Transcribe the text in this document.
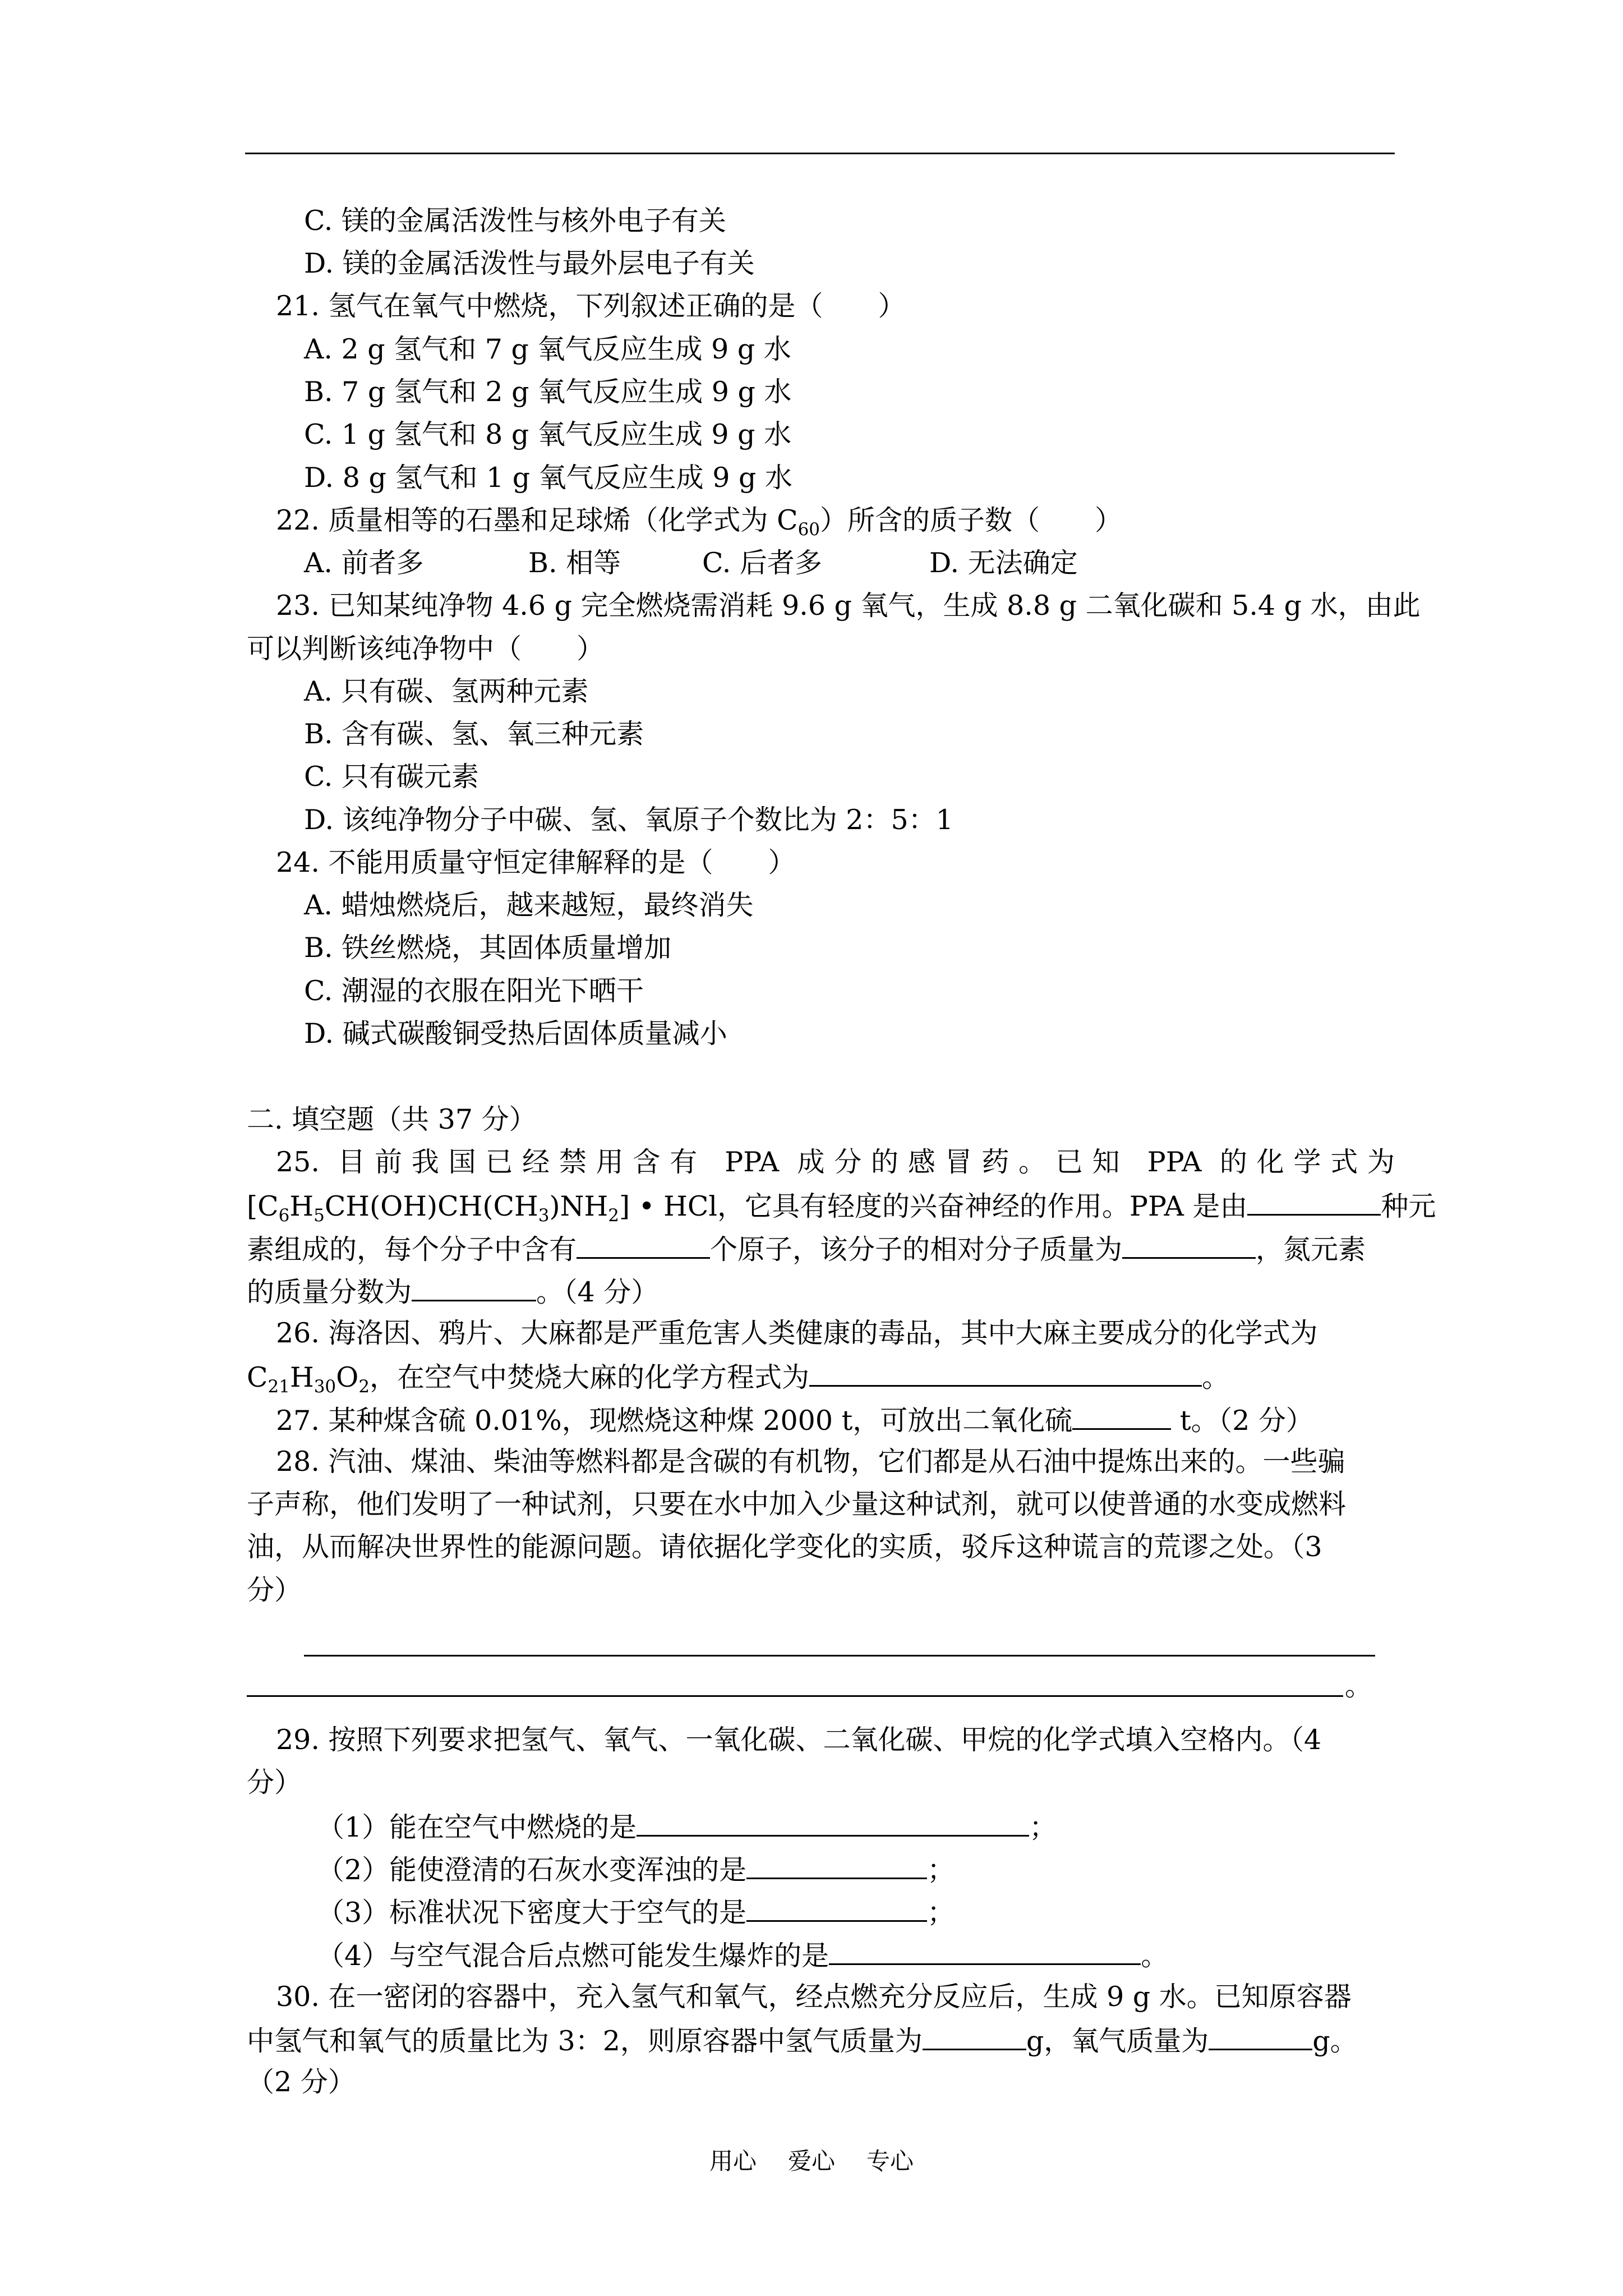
C. 镁的金属活泼性与核外电子有关
D. 镁的金属活泼性与最外层电子有关
21. 氢气在氧气中燃烧，下列叙述正确的是（　　）
A. 2 g 氢气和 7 g 氧气反应生成 9 g 水
B. 7 g 氢气和 2 g 氧气反应生成 9 g 水
C. 1 g 氢气和 8 g 氧气反应生成 9 g 水
D. 8 g 氢气和 1 g 氧气反应生成 9 g 水
22. 质量相等的石墨和足球烯（化学式为 $C_{60}$）所含的质子数（　　）
A. 前者多	B. 相等	C. 后者多	D. 无法确定
23. 已知某纯净物 4.6 g 完全燃烧需消耗 9.6 g 氧气，生成 8.8 g 二氧化碳和 5.4 g 水，由此
可以判断该纯净物中（　　）
A. 只有碳、氢两种元素
B. 含有碳、氢、氧三种元素
C. 只有碳元素
D. 该纯净物分子中碳、氢、氧原子个数比为 2：5：1
24. 不能用质量守恒定律解释的是（　　）
A. 蜡烛燃烧后，越来越短，最终消失
B. 铁丝燃烧，其固体质量增加
C. 潮湿的衣服在阳光下晒干
D. 碱式碳酸铜受热后固体质量减小
二. 填空题（共 37 分）
25. 目前我国已经禁用含有 PPA 成分的感冒药。已知 PPA 的化学式为
$[C_6H_5CH(OH)CH(CH_3)NH_2]$ • HCl，它具有轻度的兴奋神经的作用。PPA 是由	种元
素组成的，每个分子中含有	个原子，该分子的相对分子质量为	，氮元素
的质量分数为	。（4 分）
26. 海洛因、鸦片、大麻都是严重危害人类健康的毒品，其中大麻主要成分的化学式为
$C_{21}H_{30}O_2$，在空气中焚烧大麻的化学方程式为	。
27. 某种煤含硫 0.01%，现燃烧这种煤 2000 t，可放出二氧化硫	t。（2 分）
28. 汽油、煤油、柴油等燃料都是含碳的有机物，它们都是从石油中提炼出来的。一些骗
子声称，他们发明了一种试剂，只要在水中加入少量这种试剂，就可以使普通的水变成燃料
油，从而解决世界性的能源问题。请依据化学变化的实质，驳斥这种谎言的荒谬之处。（3
分）
。
29. 按照下列要求把氢气、氧气、一氧化碳、二氧化碳、甲烷的化学式填入空格内。（4
分）
（1）能在空气中燃烧的是	；
（2）能使澄清的石灰水变浑浊的是	；
（3）标准状况下密度大于空气的是	；
（4）与空气混合后点燃可能发生爆炸的是	。
30. 在一密闭的容器中，充入氢气和氧气，经点燃充分反应后，生成 9 g 水。已知原容器
中氢气和氧气的质量比为 3：2，则原容器中氢气质量为	g，氧气质量为	g。
（2 分）
用心 爱心 专心
